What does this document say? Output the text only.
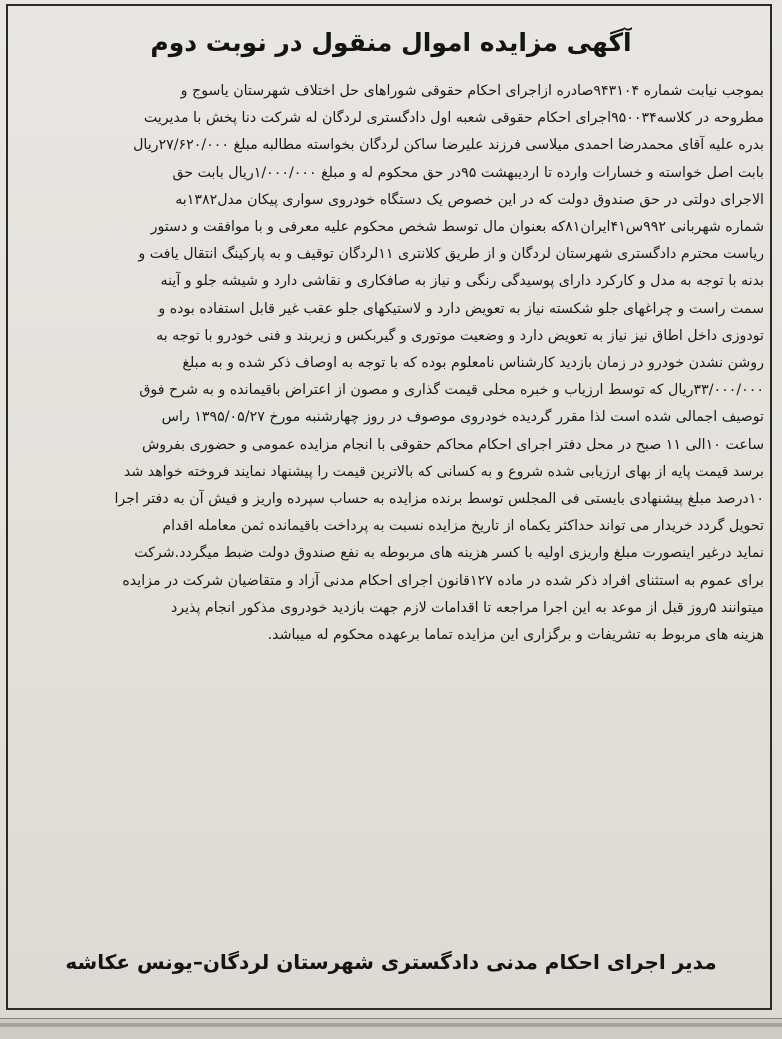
آگهی مزایده اموال منقول در نوبت دوم
بموجب نیابت شماره ۹۴۳۱۰۴صادره ازاجرای احکام حقوقی شوراهای حل اختلاف شهرستان یاسوج و
مطروحه در کلاسه۹۵۰۰۳۴اجرای احکام حقوقی شعبه اول دادگستری لردگان له شرکت دنا پخش با مدیریت
بدره علیه آقای محمدرضا احمدی میلاسی فرزند علیرضا ساکن لردگان بخواسته مطالبه مبلغ ۲۷/۶۲۰/۰۰۰ریال
بابت اصل خواسته و خسارات وارده تا اردیبهشت ۹۵در حق محکوم له و مبلغ ۱/۰۰۰/۰۰۰ریال بابت حق
الاجرای دولتی در حق صندوق دولت که در این خصوص یک دستگاه خودروی سواری پیکان مدل۱۳۸۲به
شماره شهربانی ۹۹۲س۴۱ایران۸۱که بعنوان مال توسط شخص محکوم علیه معرفی و با موافقت و دستور
ریاست محترم دادگستری شهرستان لردگان و از طریق کلانتری ۱۱لردگان توقیف و به پارکینگ انتقال یافت و
بدنه با توجه به مدل و کارکرد دارای پوسیدگی رنگی و نیاز به صافکاری و نقاشی دارد و شیشه جلو و آینه
سمت راست و چراغهای جلو شکسته نیاز به تعویض دارد و لاستیکهای جلو عقب غیر قابل استفاده بوده و
تودوزی داخل اطاق نیز نیاز به تعویض دارد و وضعیت موتوری و گیربکس و زیربند و فنی خودرو با توجه به
روشن نشدن خودرو در زمان بازدید کارشناس نامعلوم بوده که با توجه به اوصاف ذکر شده و به مبلغ
۳۳/۰۰۰/۰۰۰ریال که توسط ارزیاب و خبره محلی قیمت گذاری و مصون از اعتراض باقیمانده و به شرح فوق
توصیف اجمالی شده است لذا مقرر گردیده خودروی موصوف در روز چهارشنبه مورخ ۱۳۹۵/۰۵/۲۷ راس
ساعت ۱۰الی ۱۱ صبح در محل دفتر اجرای احکام محاکم حقوقی با انجام مزایده عمومی و حضوری بفروش
برسد قیمت پایه از بهای ارزیابی شده شروع و به کسانی که بالاترین قیمت را پیشنهاد نمایند فروخته خواهد شد
۱۰درصد مبلغ پیشنهادی بایستی فی المجلس توسط برنده مزایده به حساب سپرده واریز و فیش آن به دفتر اجرا
تحویل گردد خریدار می تواند حداکثر یکماه از تاریخ مزایده نسبت به پرداخت باقیمانده ثمن معامله اقدام
نماید درغیر اینصورت مبلغ واریزی اولیه با کسر هزینه های مربوطه به نفع صندوق دولت ضبط میگردد.شرکت
برای عموم به استثنای افراد ذکر شده در ماده ۱۲۷قانون اجرای احکام مدنی آزاد و متقاضیان شرکت در مزایده
میتوانند ۵روز قبل از موعد به این اجرا مراجعه تا اقدامات لازم جهت بازدید خودروی مذکور انجام پذیرد
هزینه های مربوط به تشریفات و برگزاری این مزایده تماما برعهده محکوم له میباشد.
مدیر اجرای احکام مدنی دادگستری شهرستان لردگان–یونس عکاشه
